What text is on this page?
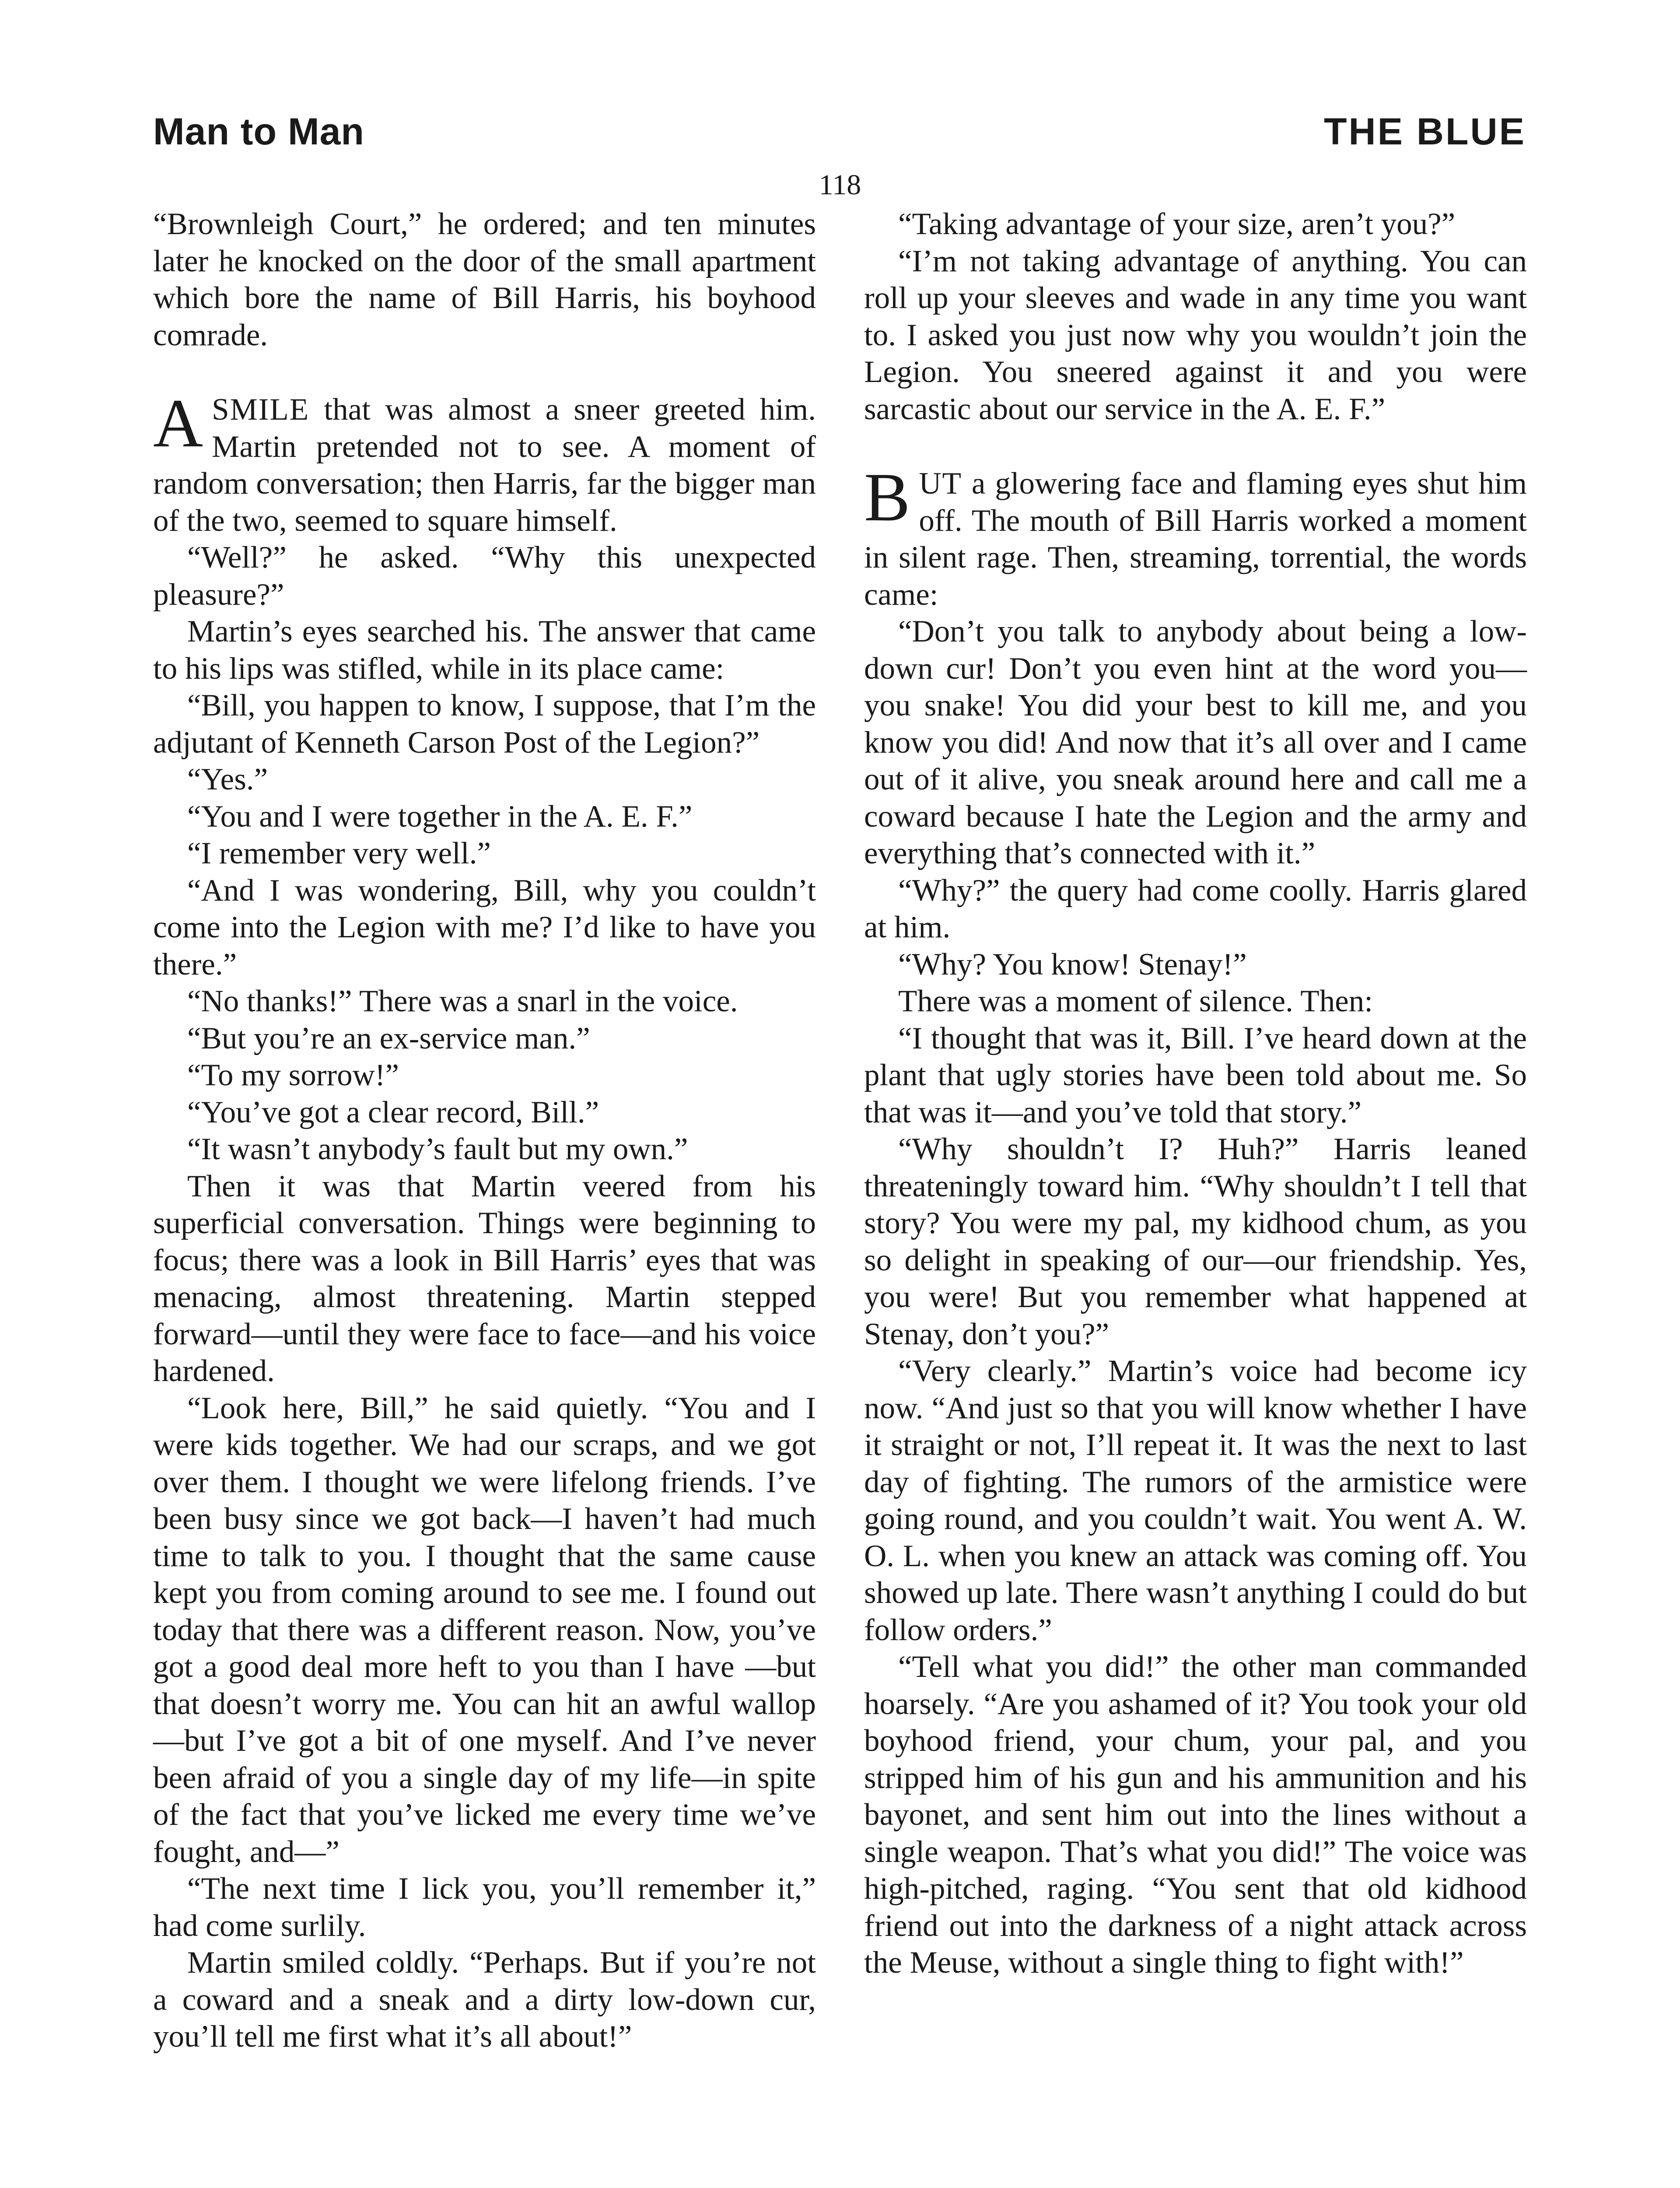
Man to Man	THE BLUE
118

“Brownleigh Court,” he ordered; and ten minutes later he knocked on the door of the small apartment which bore the name of Bill Harris, his boyhood comrade.

ASMILE that was almost a sneer greeted him. Martin pretended not to see. A moment of random conversation; then Harris, far the bigger man of the two, seemed to square himself.

“Well?” he asked. “Why this unexpected pleasure?”

Martin’s eyes searched his. The answer that came to his lips was stifled, while in its place came:

“Bill, you happen to know, I suppose, that I’m the adjutant of Kenneth Carson Post of the Legion?”

“Yes.”

“You and I were together in the A. E. F.”

“I remember very well.”

“And I was wondering, Bill, why you couldn’t come into the Legion with me? I’d like to have you there.”

“No thanks!” There was a snarl in the voice.

“But you’re an ex-service man.”

“To my sorrow!”

“You’ve got a clear record, Bill.”

“It wasn’t anybody’s fault but my own.”

Then it was that Martin veered from his superficial conversation. Things were beginning to focus; there was a look in Bill Harris’ eyes that was menacing, almost threatening. Martin stepped forward—until they were face to face—and his voice hardened.

“Look here, Bill,” he said quietly. “You and I were kids together. We had our scraps, and we got over them. I thought we were lifelong friends. I’ve been busy since we got back—I haven’t had much time to talk to you. I thought that the same cause kept you from coming around to see me. I found out today that there was a different reason. Now, you’ve got a good deal more heft to you than I have —but that doesn’t worry me. You can hit an awful wallop—but I’ve got a bit of one myself. And I’ve never been afraid of you a single day of my life—in spite of the fact that you’ve licked me every time we’ve fought, and—”

“The next time I lick you, you’ll remember it,” had come surlily.

Martin smiled coldly. “Perhaps. But if you’re not a coward and a sneak and a dirty low-down cur, you’ll tell me first what it’s all about!”

“Taking advantage of your size, aren’t you?”

“I’m not taking advantage of anything. You can roll up your sleeves and wade in any time you want to. I asked you just now why you wouldn’t join the Legion. You sneered against it and you were sarcastic about our service in the A. E. F.”

BUT a glowering face and flaming eyes shut him off. The mouth of Bill Harris worked a moment in silent rage. Then, streaming, torrential, the words came:

“Don’t you talk to anybody about being a low-down cur! Don’t you even hint at the word you—you snake! You did your best to kill me, and you know you did! And now that it’s all over and I came out of it alive, you sneak around here and call me a coward because I hate the Legion and the army and everything that’s connected with it.”

“Why?” the query had come coolly. Harris glared at him.

“Why? You know! Stenay!”

There was a moment of silence. Then:

“I thought that was it, Bill. I’ve heard down at the plant that ugly stories have been told about me. So that was it—and you’ve told that story.”

“Why shouldn’t I? Huh?” Harris leaned threateningly toward him. “Why shouldn’t I tell that story? You were my pal, my kidhood chum, as you so delight in speaking of our—our friendship. Yes, you were! But you remember what happened at Stenay, don’t you?”

“Very clearly.” Martin’s voice had become icy now. “And just so that you will know whether I have it straight or not, I’ll repeat it. It was the next to last day of fighting. The rumors of the armistice were going round, and you couldn’t wait. You went A. W. O. L. when you knew an attack was coming off. You showed up late. There wasn’t anything I could do but follow orders.”

“Tell what you did!” the other man commanded hoarsely. “Are you ashamed of it? You took your old boyhood friend, your chum, your pal, and you stripped him of his gun and his ammunition and his bayonet, and sent him out into the lines without a single weapon. That’s what you did!” The voice was high-pitched, raging. “You sent that old kidhood friend out into the darkness of a night attack across the Meuse, without a single thing to fight with!”
